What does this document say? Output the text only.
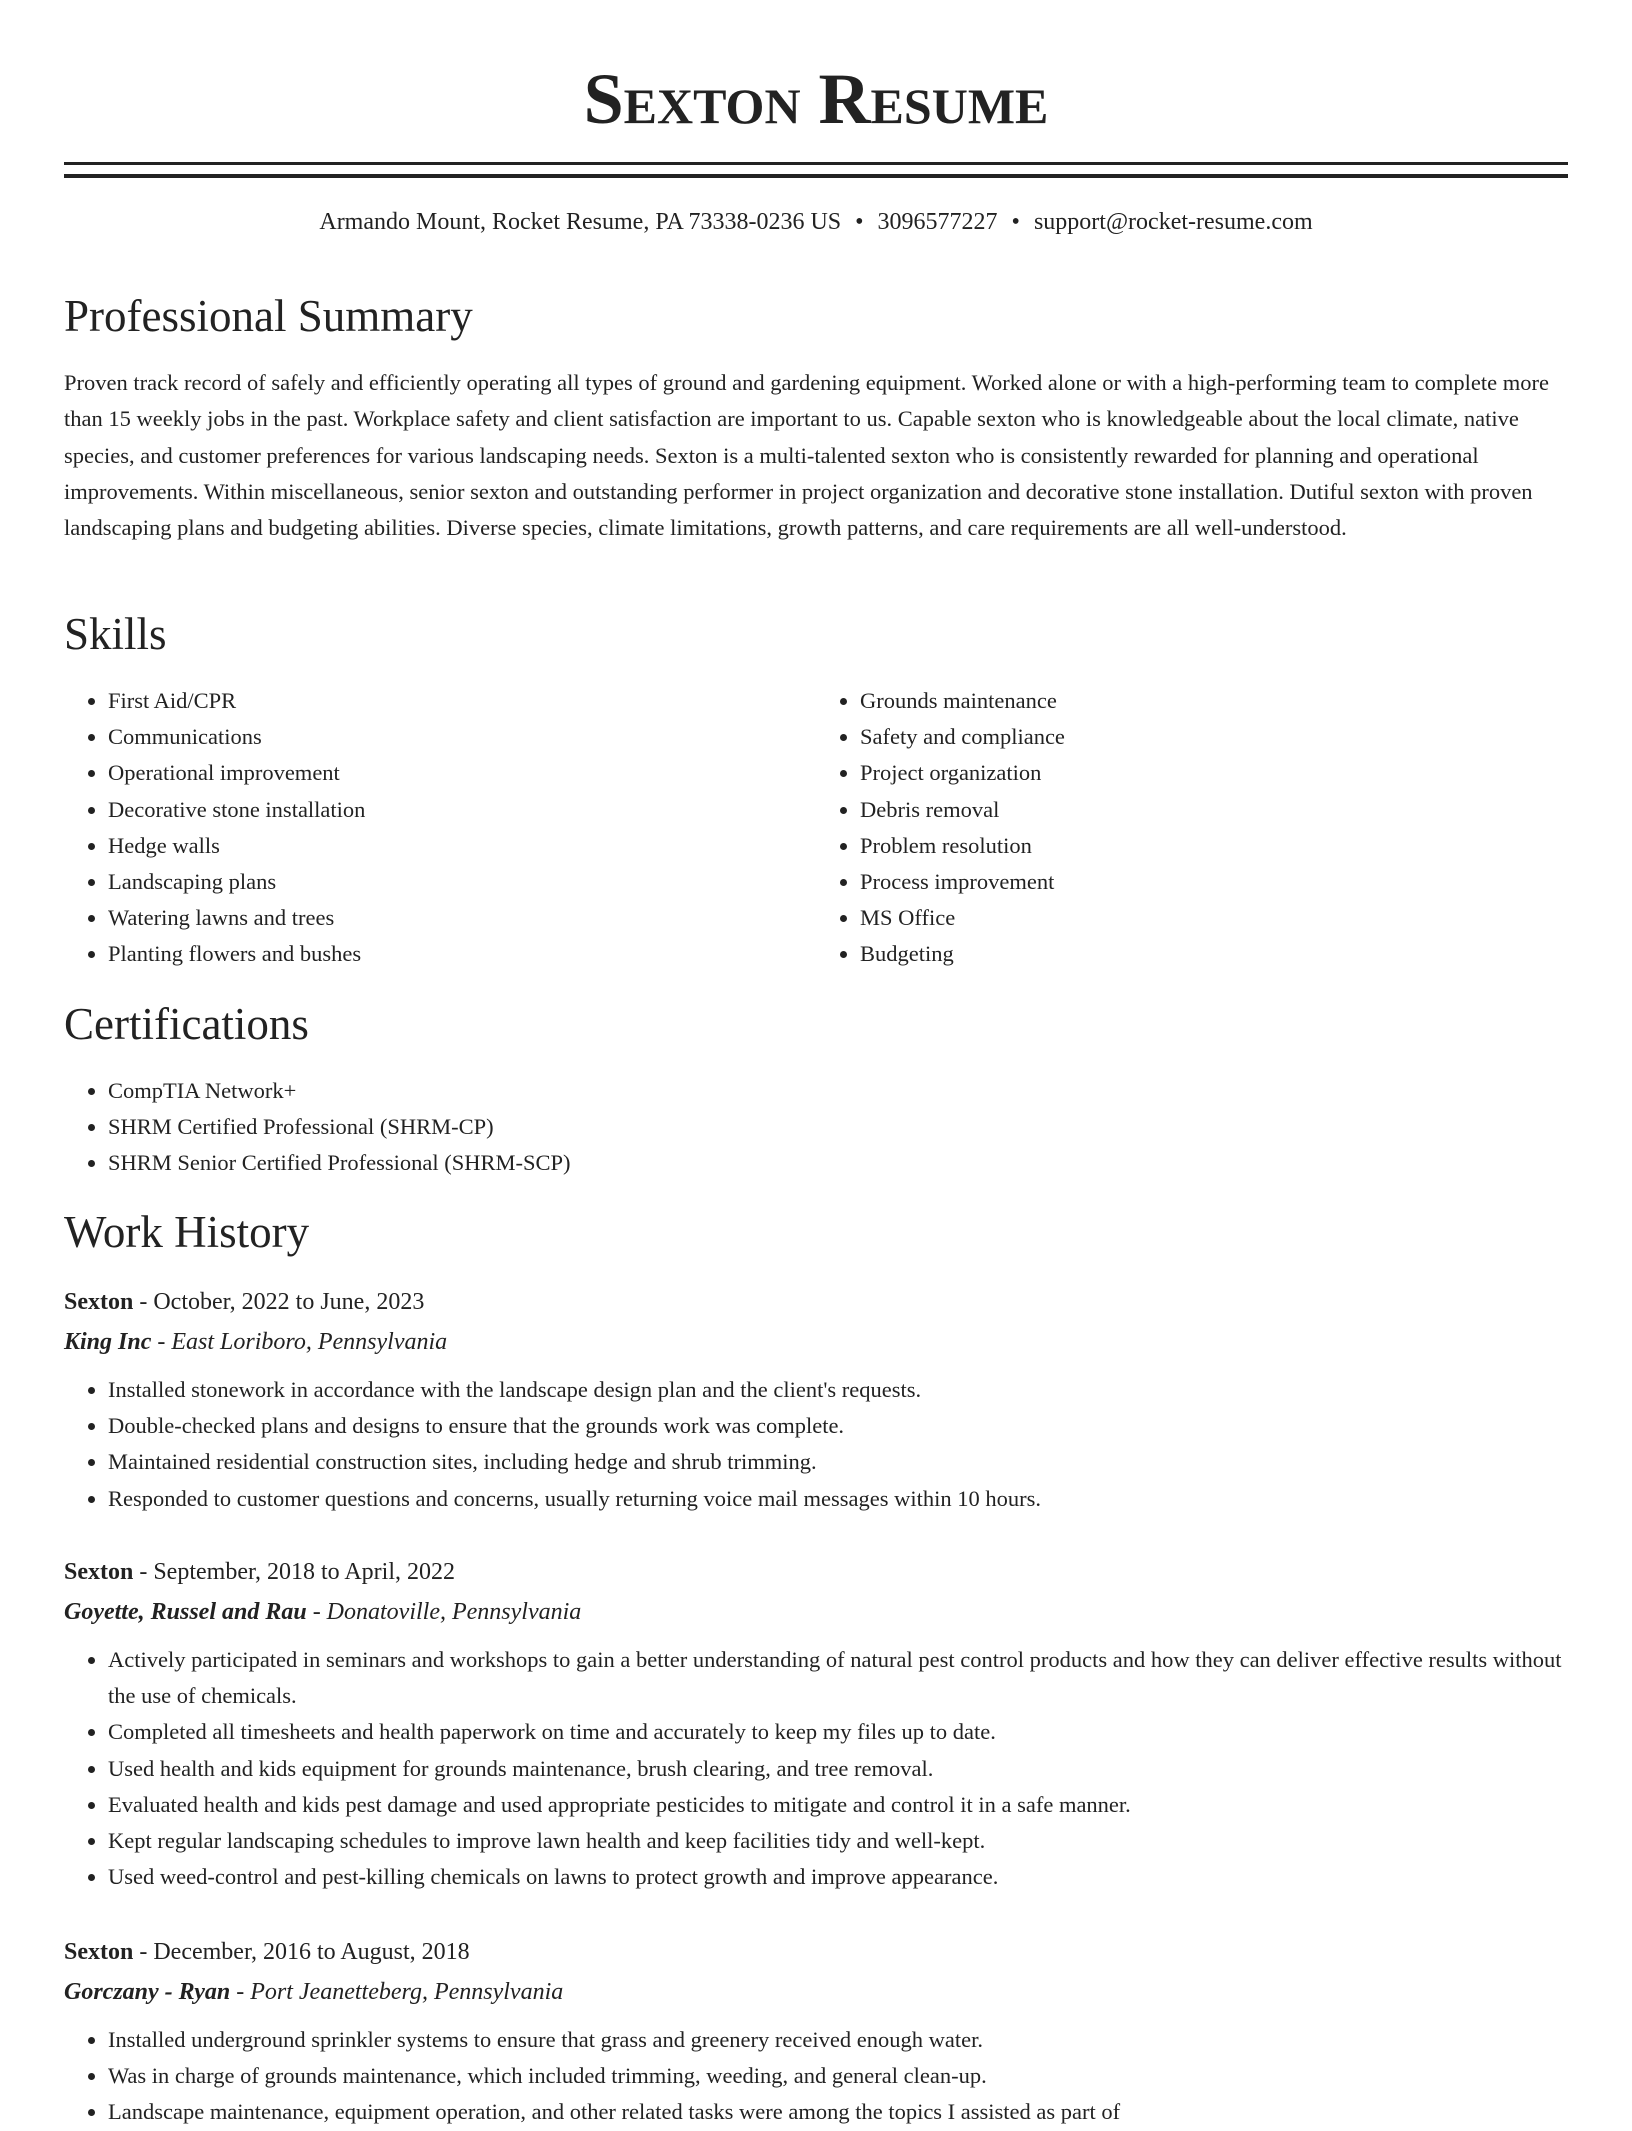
Sexton Resume
Armando Mount, Rocket Resume, PA 73338-0236 US • 3096577227 • support@rocket-resume.com
Professional Summary

Proven track record of safely and efficiently operating all types of ground and gardening equipment. Worked alone or with a high-performing team to complete more than 15 weekly jobs in the past. Workplace safety and client satisfaction are important to us. Capable sexton who is knowledgeable about the local climate, native species, and customer preferences for various landscaping needs. Sexton is a multi-talented sexton who is consistently rewarded for planning and operational improvements. Within miscellaneous, senior sexton and outstanding performer in project organization and decorative stone installation. Dutiful sexton with proven landscaping plans and budgeting abilities. Diverse species, climate limitations, growth patterns, and care requirements are all well-understood.

Skills
• First Aid/CPR
• Communications
• Operational improvement
• Decorative stone installation
• Hedge walls
• Landscaping plans
• Watering lawns and trees
• Planting flowers and bushes
• Grounds maintenance
• Safety and compliance
• Project organization
• Debris removal
• Problem resolution
• Process improvement
• MS Office
• Budgeting
Certifications
• CompTIA Network+
• SHRM Certified Professional (SHRM-CP)
• SHRM Senior Certified Professional (SHRM-SCP)
Work History
Sexton - October, 2022 to June, 2023
King Inc - East Loriboro, Pennsylvania
• Installed stonework in accordance with the landscape design plan and the client's requests.
• Double-checked plans and designs to ensure that the grounds work was complete.
• Maintained residential construction sites, including hedge and shrub trimming.
• Responded to customer questions and concerns, usually returning voice mail messages within 10 hours.
Sexton - September, 2018 to April, 2022
Goyette, Russel and Rau - Donatoville, Pennsylvania
• Actively participated in seminars and workshops to gain a better understanding of natural pest control products and how they can deliver effective results without the use of chemicals.
• Completed all timesheets and health paperwork on time and accurately to keep my files up to date.
• Used health and kids equipment for grounds maintenance, brush clearing, and tree removal.
• Evaluated health and kids pest damage and used appropriate pesticides to mitigate and control it in a safe manner.
• Kept regular landscaping schedules to improve lawn health and keep facilities tidy and well-kept.
• Used weed-control and pest-killing chemicals on lawns to protect growth and improve appearance.
Sexton - December, 2016 to August, 2018
Gorczany - Ryan - Port Jeanetteberg, Pennsylvania
• Installed underground sprinkler systems to ensure that grass and greenery received enough water.
• Was in charge of grounds maintenance, which included trimming, weeding, and general clean-up.
• Landscape maintenance, equipment operation, and other related tasks were among the topics I assisted as part of
